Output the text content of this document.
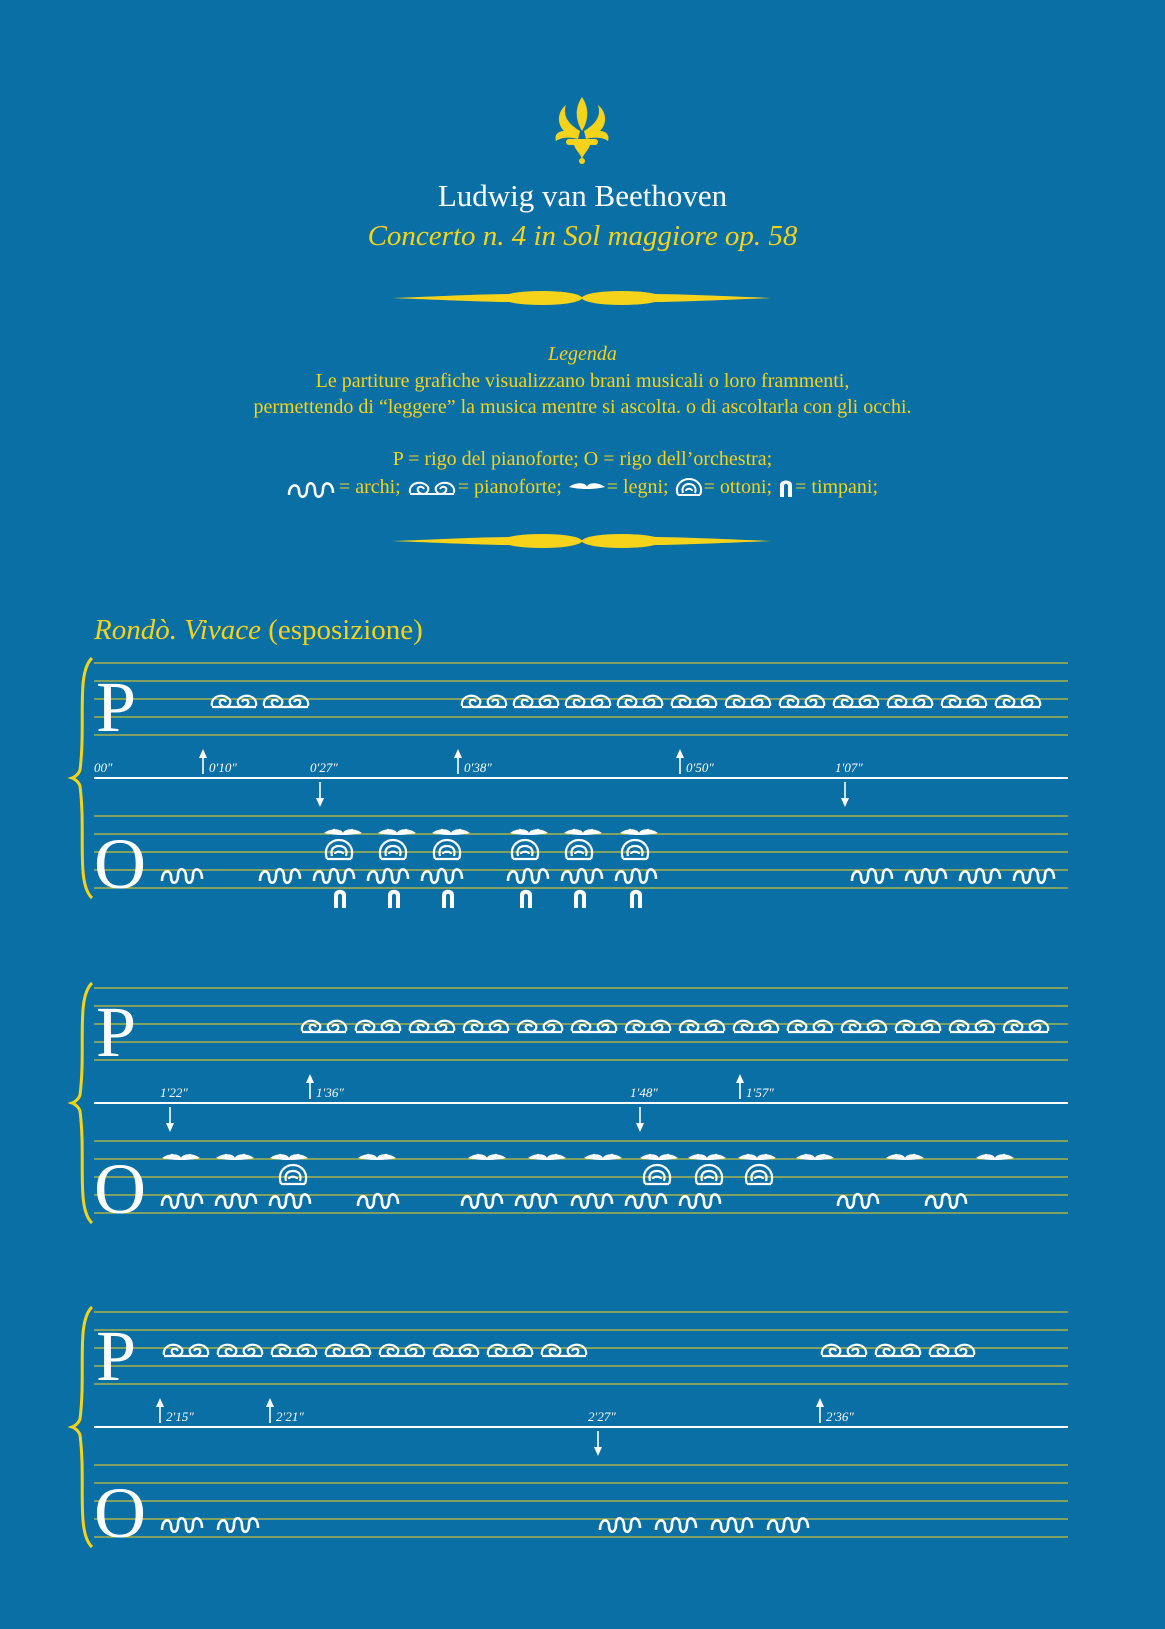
Ludwig van Beethoven
Concerto n. 4 in Sol maggiore op. 58
Legenda
Le partiture grafiche visualizzano brani musicali o loro frammenti,
permettendo di “leggere” la musica mentre si ascolta. o di ascoltarla con gli occhi.
P = rigo del pianoforte; O = rigo dell’orchestra;
= archi;	= pianoforte; = legni; = ottoni; = timpani;
Rondò. Vivace (esposizione)
P
O
00″	0′10″	0′27″	0′38″	0′50″	1′07″
P
O
1′22″	1′36″	1′48″	1′57″
P
O
2′15″	2′21″	2′27″	2′36″
